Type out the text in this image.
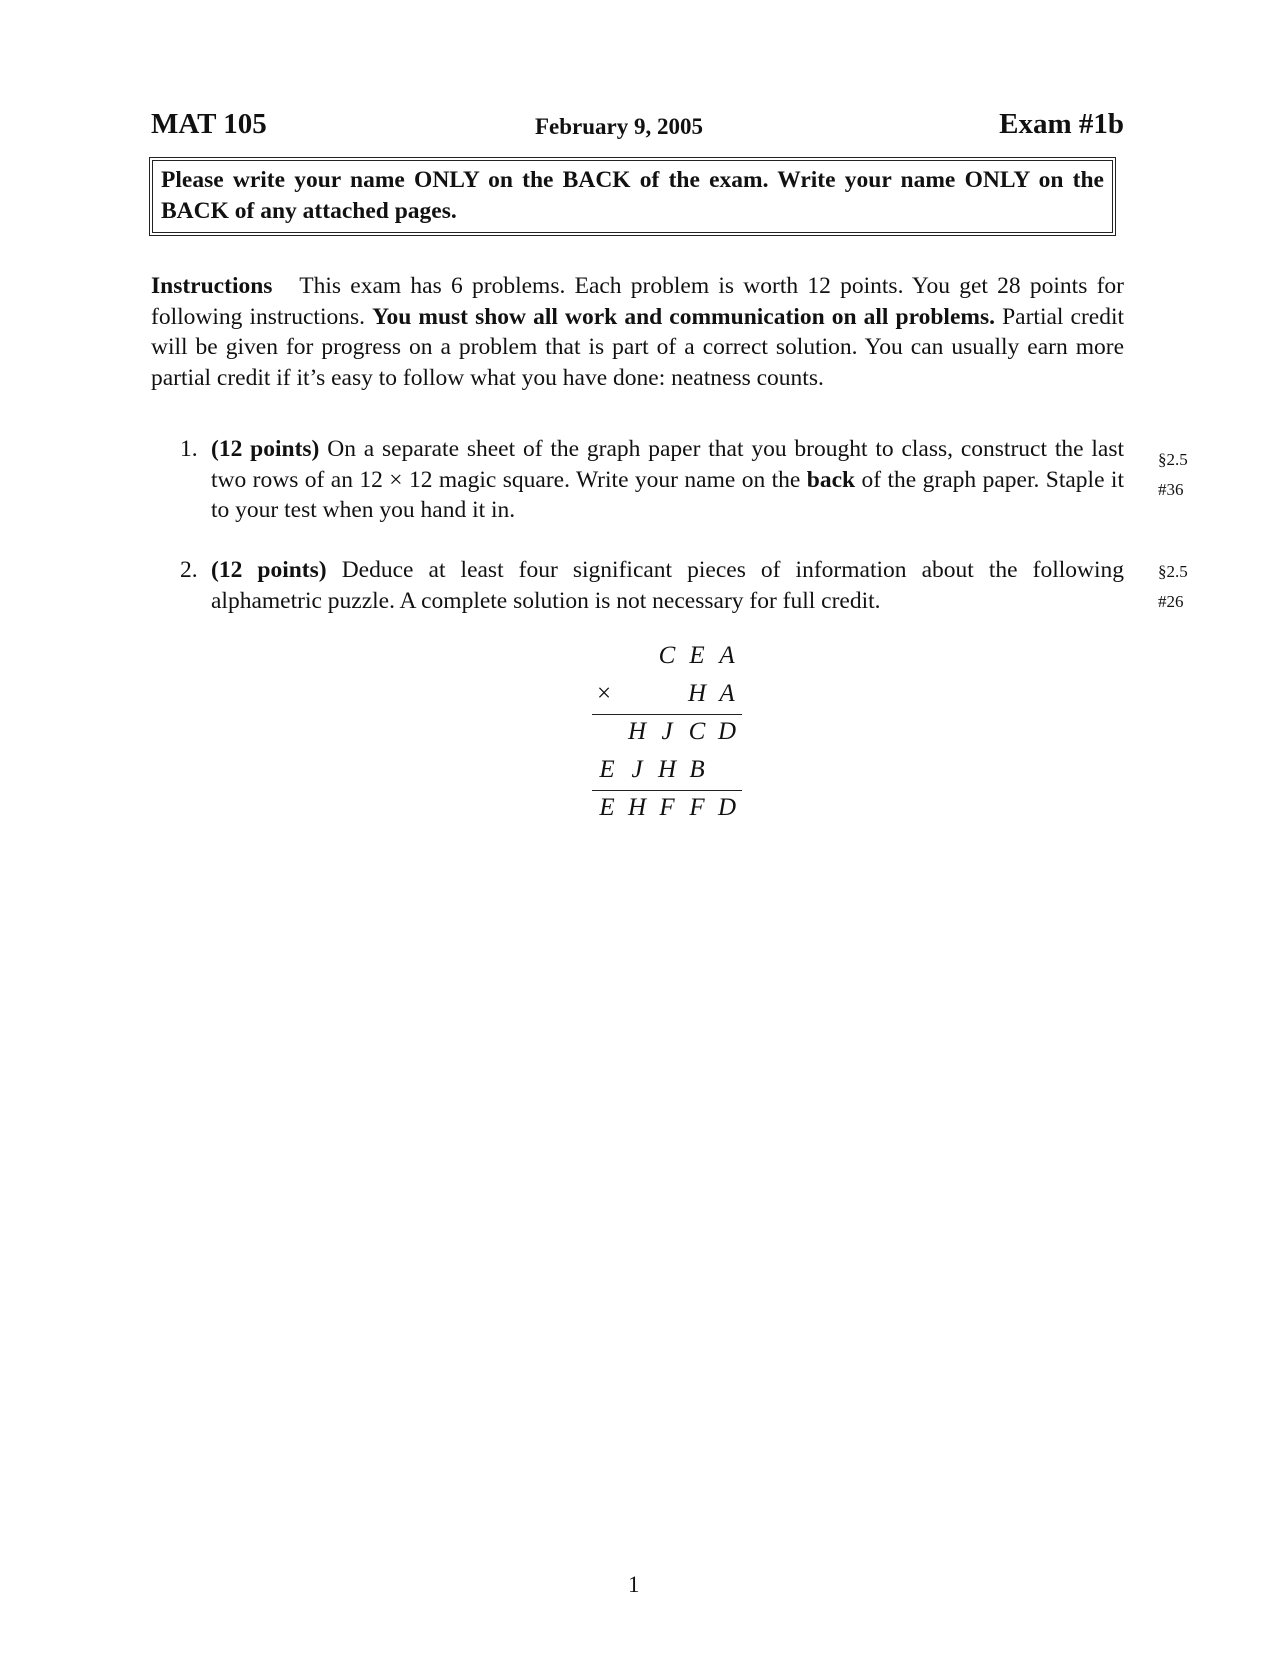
MAT 105	February 9, 2005	Exam #1b
Please write your name ONLY on the BACK of the exam. Write your name ONLY on the BACK of any attached pages.
Instructions This exam has 6 problems. Each problem is worth 12 points. You get 28 points for following instructions. You must show all work and communication on all problems. Partial credit will be given for progress on a problem that is part of a correct solution. You can usually earn more partial credit if it’s easy to follow what you have done: neatness counts.
1. (12 points) On a separate sheet of the graph paper that you brought to class, construct the last two rows of an 12 × 12 magic square. Write your name on the back of the graph paper. Staple it to your test when you hand it in.
§2.5
#36
2. (12 points) Deduce at least four significant pieces of information about the following alphametric puzzle. A complete solution is not necessary for full credit.
§2.5
#26
C E A
×	H A
H J C D
E J H B
E H F F D
1
